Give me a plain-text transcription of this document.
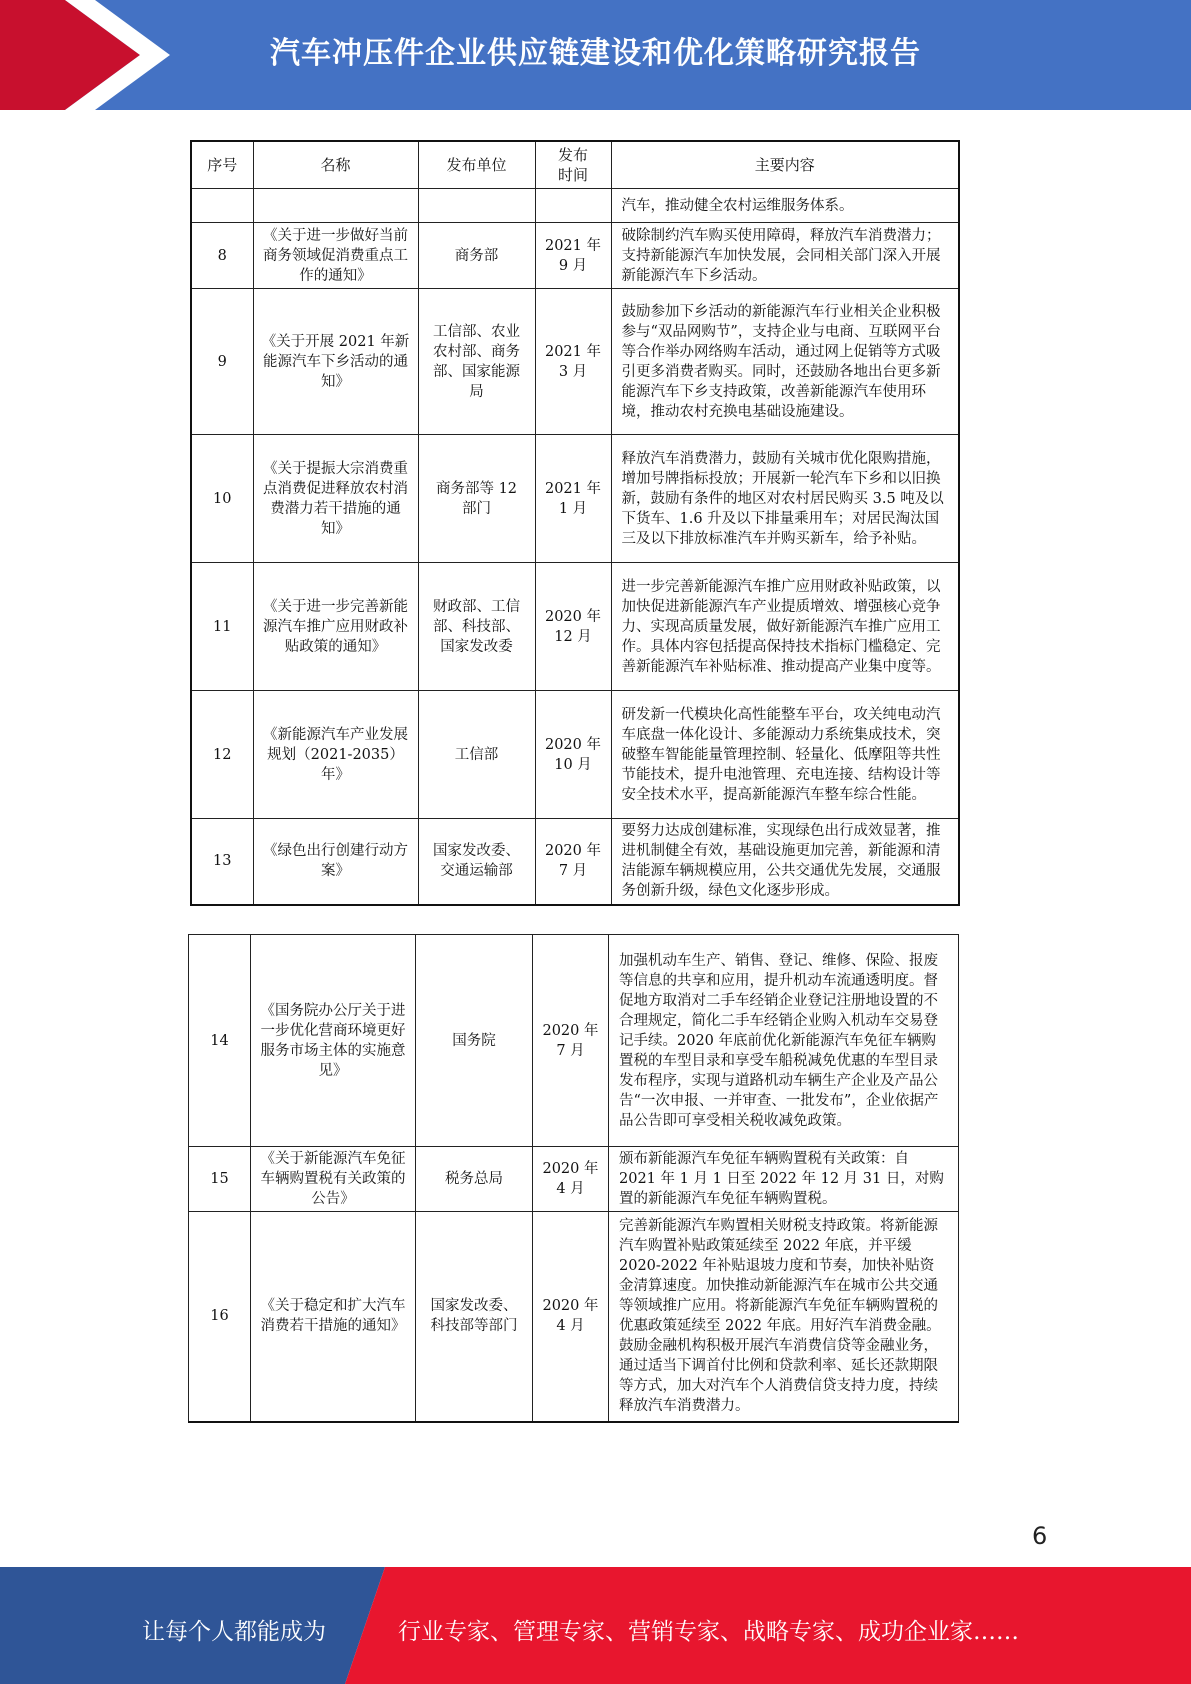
汽车冲压件企业供应链建设和优化策略研究报告
序号	名称	发布单位	发布时间	主要内容
				汽车，推动健全农村运维服务体系。
8	《关于进一步做好当前商务领域促消费重点工作的通知》	商务部	2021 年9 月	破除制约汽车购买使用障碍，释放汽车消费潜力；支持新能源汽车加快发展，会同相关部门深入开展新能源汽车下乡活动。
9	《关于开展 2021 年新能源汽车下乡活动的通知》	工信部、农业农村部、商务部、国家能源局	2021 年3 月	鼓励参加下乡活动的新能源汽车行业相关企业积极参与“双品网购节”，支持企业与电商、互联网平台等合作举办网络购车活动，通过网上促销等方式吸引更多消费者购买。同时，还鼓励各地出台更多新能源汽车下乡支持政策，改善新能源汽车使用环境，推动农村充换电基础设施建设。
10	《关于提振大宗消费重点消费促进释放农村消费潜力若干措施的通知》	商务部等 12 部门	2021 年1 月	释放汽车消费潜力，鼓励有关城市优化限购措施，增加号牌指标投放；开展新一轮汽车下乡和以旧换新，鼓励有条件的地区对农村居民购买 3.5 吨及以下货车、1.6 升及以下排量乘用车；对居民淘汰国三及以下排放标准汽车并购买新车，给予补贴。
11	《关于进一步完善新能源汽车推广应用财政补贴政策的通知》	财政部、工信部、科技部、国家发改委	2020 年12 月	进一步完善新能源汽车推广应用财政补贴政策，以加快促进新能源汽车产业提质增效、增强核心竞争力、实现高质量发展，做好新能源汽车推广应用工作。具体内容包括提高保持技术指标门槛稳定、完善新能源汽车补贴标准、推动提高产业集中度等。
12	《新能源汽车产业发展规划（2021-2035）年》	工信部	2020 年10 月	研发新一代模块化高性能整车平台，攻关纯电动汽车底盘一体化设计、多能源动力系统集成技术，突破整车智能能量管理控制、轻量化、低摩阻等共性节能技术，提升电池管理、充电连接、结构设计等安全技术水平，提高新能源汽车整车综合性能。
13	《绿色出行创建行动方案》	国家发改委、交通运输部	2020 年7 月	要努力达成创建标准，实现绿色出行成效显著，推进机制健全有效，基础设施更加完善，新能源和清洁能源车辆规模应用，公共交通优先发展，交通服务创新升级，绿色文化逐步形成。
14	《国务院办公厅关于进一步优化营商环境更好服务市场主体的实施意见》	国务院	2020 年7 月	加强机动车生产、销售、登记、维修、保险、报废等信息的共享和应用，提升机动车流通透明度。督促地方取消对二手车经销企业登记注册地设置的不合理规定，简化二手车经销企业购入机动车交易登记手续。2020 年底前优化新能源汽车免征车辆购置税的车型目录和享受车船税减免优惠的车型目录发布程序，实现与道路机动车辆生产企业及产品公告“一次申报、一并审查、一批发布”，企业依据产品公告即可享受相关税收减免政策。
15	《关于新能源汽车免征车辆购置税有关政策的公告》	税务总局	2020 年4 月	颁布新能源汽车免征车辆购置税有关政策：自 2021 年 1 月 1 日至 2022 年 12 月 31 日，对购置的新能源汽车免征车辆购置税。
16	《关于稳定和扩大汽车消费若干措施的通知》	国家发改委、科技部等部门	2020 年4 月	完善新能源汽车购置相关财税支持政策。将新能源汽车购置补贴政策延续至 2022 年底，并平缓 2020-2022 年补贴退坡力度和节奏，加快补贴资金清算速度。加快推动新能源汽车在城市公共交通等领域推广应用。将新能源汽车免征车辆购置税的优惠政策延续至 2022 年底。用好汽车消费金融。鼓励金融机构积极开展汽车消费信贷等金融业务，通过适当下调首付比例和贷款利率、延长还款期限等方式，加大对汽车个人消费信贷支持力度，持续释放汽车消费潜力。
6
让每个人都能成为	行业专家、管理专家、营销专家、战略专家、成功企业家……
